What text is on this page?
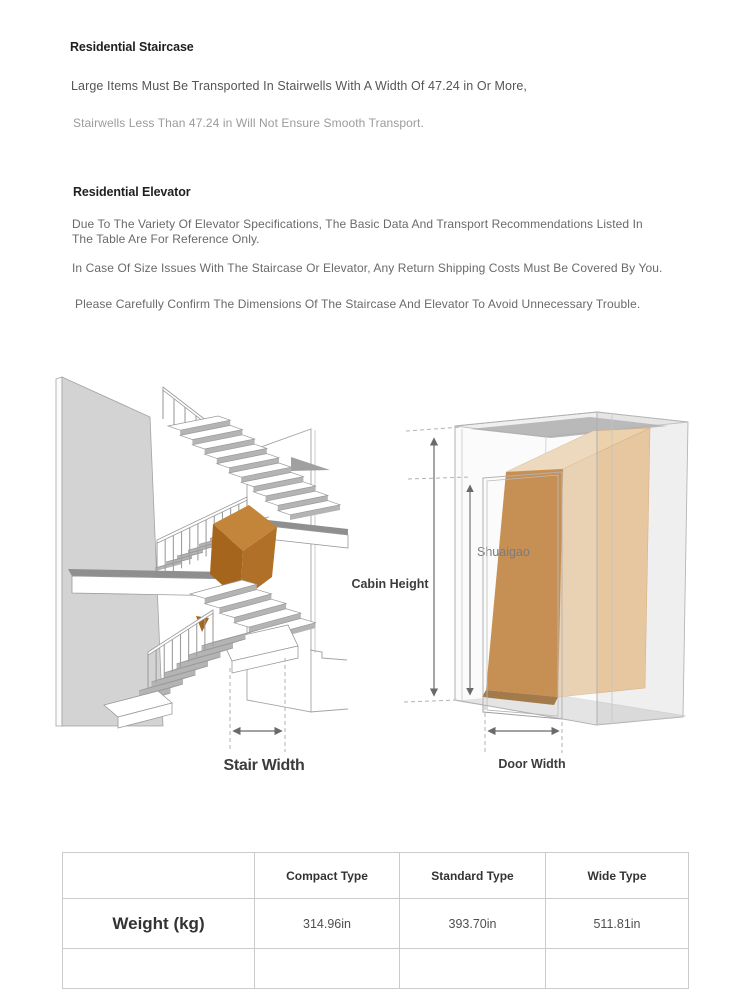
Residential Staircase
Large Items Must Be Transported In Stairwells With A Width Of 47.24 in Or More,
Stairwells Less Than 47.24 in Will Not Ensure Smooth Transport.
Residential Elevator
Due To The Variety Of Elevator Specifications, The Basic Data And Transport Recommendations Listed In
The Table Are For Reference Only.
In Case Of Size Issues With The Staircase Or Elevator, Any Return Shipping Costs Must Be Covered By You.
Please Carefully Confirm The Dimensions Of The Staircase And Elevator To Avoid Unnecessary Trouble.
Stair Width
Cabin Height
Door Width
	Compact Type	Standard Type	Wide Type
Weight (kg)	314.96in	393.70in	511.81in
